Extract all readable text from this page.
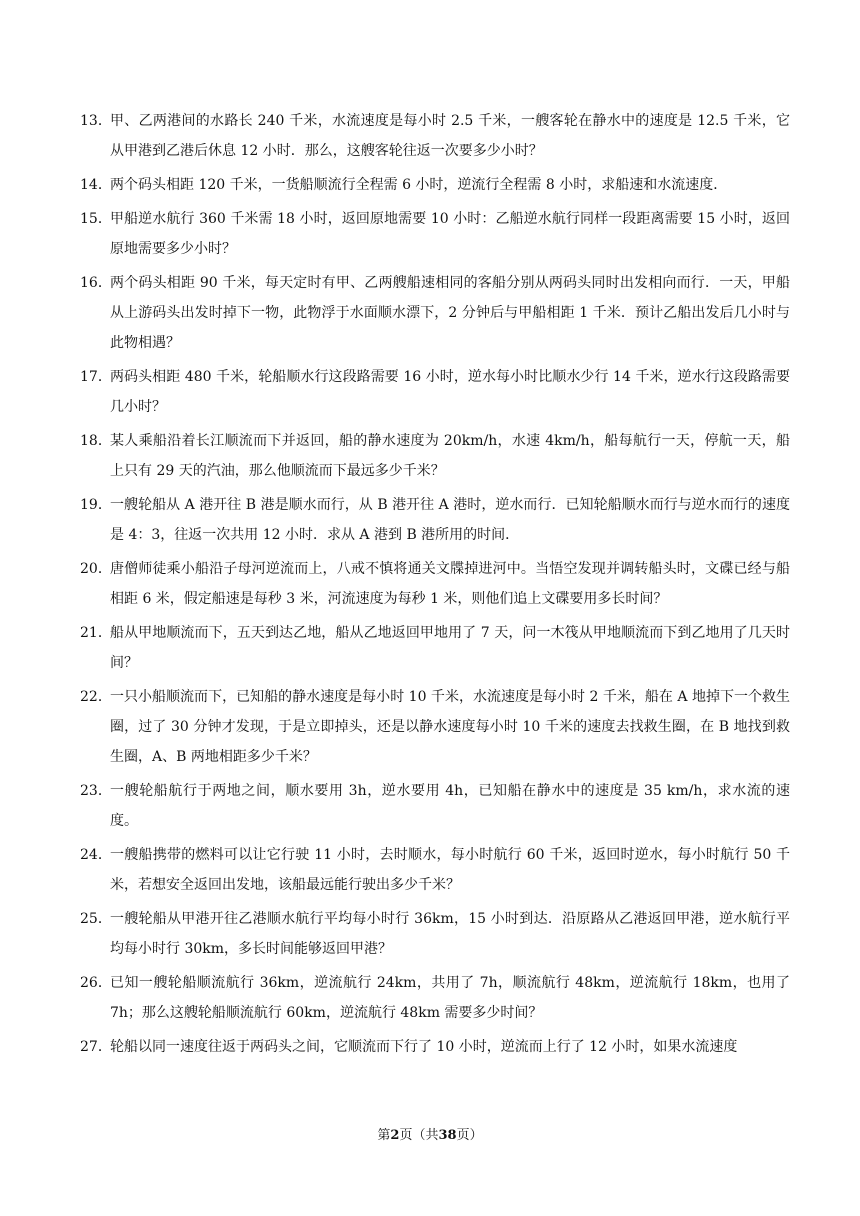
13．
甲、乙两港间的水路长 240 千米，水流速度是每小时 2.5 千米，一艘客轮在静水中的速度是 12.5 千米，它从甲港到乙港后休息 12 小时．那么，这艘客轮往返一次要多少小时？
14．
两个码头相距 120 千米，一货船顺流行全程需 6 小时，逆流行全程需 8 小时，求船速和水流速度．
15．
甲船逆水航行 360 千米需 18 小时，返回原地需要 10 小时：乙船逆水航行同样一段距离需要 15 小时，返回原地需要多少小时？
16．
两个码头相距 90 千米，每天定时有甲、乙两艘船速相同的客船分别从两码头同时出发相向而行．一天，甲船从上游码头出发时掉下一物，此物浮于水面顺水漂下，2 分钟后与甲船相距 1 千米．预计乙船出发后几小时与此物相遇？
17．
两码头相距 480 千米，轮船顺水行这段路需要 16 小时，逆水每小时比顺水少行 14 千米，逆水行这段路需要几小时？
18．
某人乘船沿着长江顺流而下并返回，船的静水速度为 20km/h，水速 4km/h，船每航行一天，停航一天，船上只有 29 天的汽油，那么他顺流而下最远多少千米？
19．
一艘轮船从 A 港开往 B 港是顺水而行，从 B 港开往 A 港时，逆水而行．已知轮船顺水而行与逆水而行的速度是 4：3，往返一次共用 12 小时．求从 A 港到 B 港所用的时间．
20．
唐僧师徒乘小船沿子母河逆流而上，八戒不慎将通关文牒掉进河中。当悟空发现并调转船头时，文碟已经与船相距 6 米，假定船速是每秒 3 米，河流速度为每秒 1 米，则他们追上文碟要用多长时间？
21．
船从甲地顺流而下，五天到达乙地，船从乙地返回甲地用了 7 天，问一木筏从甲地顺流而下到乙地用了几天时间？
22．
一只小船顺流而下，已知船的静水速度是每小时 10 千米，水流速度是每小时 2 千米，船在 A 地掉下一个救生圈，过了 30 分钟才发现，于是立即掉头，还是以静水速度每小时 10 千米的速度去找救生圈，在 B 地找到救生圈，A、B 两地相距多少千米？
23．
一艘轮船航行于两地之间，顺水要用 3h，逆水要用 4h，已知船在静水中的速度是 35 km/h，求水流的速度。
24．
一艘船携带的燃料可以让它行驶 11 小时，去时顺水，每小时航行 60 千米，返回时逆水，每小时航行 50 千米，若想安全返回出发地，该船最远能行驶出多少千米？
25．
一艘轮船从甲港开往乙港顺水航行平均每小时行 36km，15 小时到达．沿原路从乙港返回甲港，逆水航行平均每小时行 30km，多长时间能够返回甲港？
26．
已知一艘轮船顺流航行 36km，逆流航行 24km，共用了 7h，顺流航行 48km，逆流航行 18km，也用了 7h；那么这艘轮船顺流航行 60km，逆流航行 48km 需要多少时间？
27．
轮船以同一速度往返于两码头之间，它顺流而下行了 10 小时，逆流而上行了 12 小时，如果水流速度
第2页（共38页）
